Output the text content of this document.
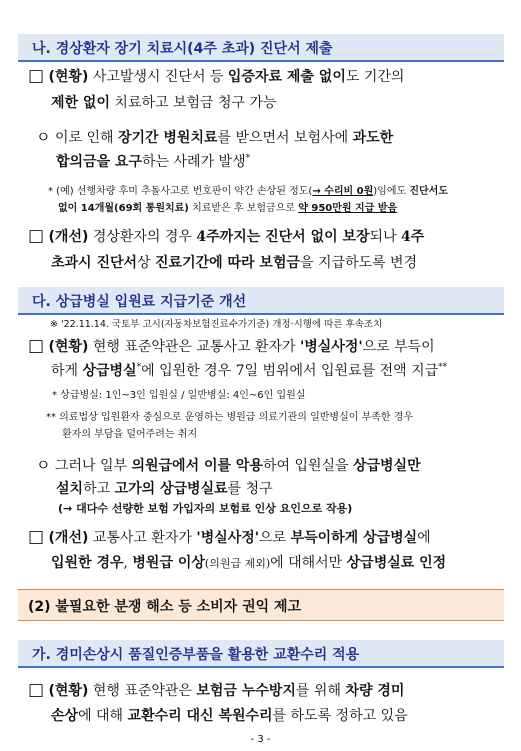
나. 경상환자 장기 치료시(4주 초과) 진단서 제출
□ (현황) 사고발생시 진단서 등 입증자료 제출 없이도 기간의
제한 없이 치료하고 보험금 청구 가능
ㅇ 이로 인해 장기간 병원치료를 받으면서 보험사에 과도한
합의금을 요구하는 사례가 발생*
* (예) 선행차량 후미 추돌사고로 번호판이 약간 손상된 정도(→ 수리비 0원)임에도 진단서도
없이 14개월(69회 통원치료) 치료받은 후 보험금으로 약 950만원 지급 받음
□ (개선) 경상환자의 경우 4주까지는 진단서 없이 보장되나 4주
초과시 진단서상 진료기간에 따라 보험금을 지급하도록 변경
다. 상급병실 입원료 지급기준 개선
※ '22.11.14. 국토부 고시(자동차보험진료수가기준) 개정·시행에 따른 후속조치
□ (현황) 현행 표준약관은 교통사고 환자가 '병실사정'으로 부득이
하게 상급병실*에 입원한 경우 7일 범위에서 입원료를 전액 지급**
* 상급병실: 1인~3인 입원실 / 일반병실: 4인~6인 입원실
** 의료법상 입원환자 중심으로 운영하는 병원급 의료기관의 일반병실이 부족한 경우
환자의 부담을 덜어주려는 취지
ㅇ 그러나 일부 의원급에서 이를 악용하여 입원실을 상급병실만
설치하고 고가의 상급병실료를 청구
(→ 대다수 선량한 보험 가입자의 보험료 인상 요인으로 작용)
□ (개선) 교통사고 환자가 '병실사정'으로 부득이하게 상급병실에
입원한 경우, 병원급 이상(의원급 제외)에 대해서만 상급병실료 인정
(2) 불필요한 분쟁 해소 등 소비자 권익 제고
가. 경미손상시 품질인증부품을 활용한 교환수리 적용
□ (현황) 현행 표준약관은 보험금 누수방지를 위해 차량 경미
손상에 대해 교환수리 대신 복원수리를 하도록 정하고 있음
- 3 -
